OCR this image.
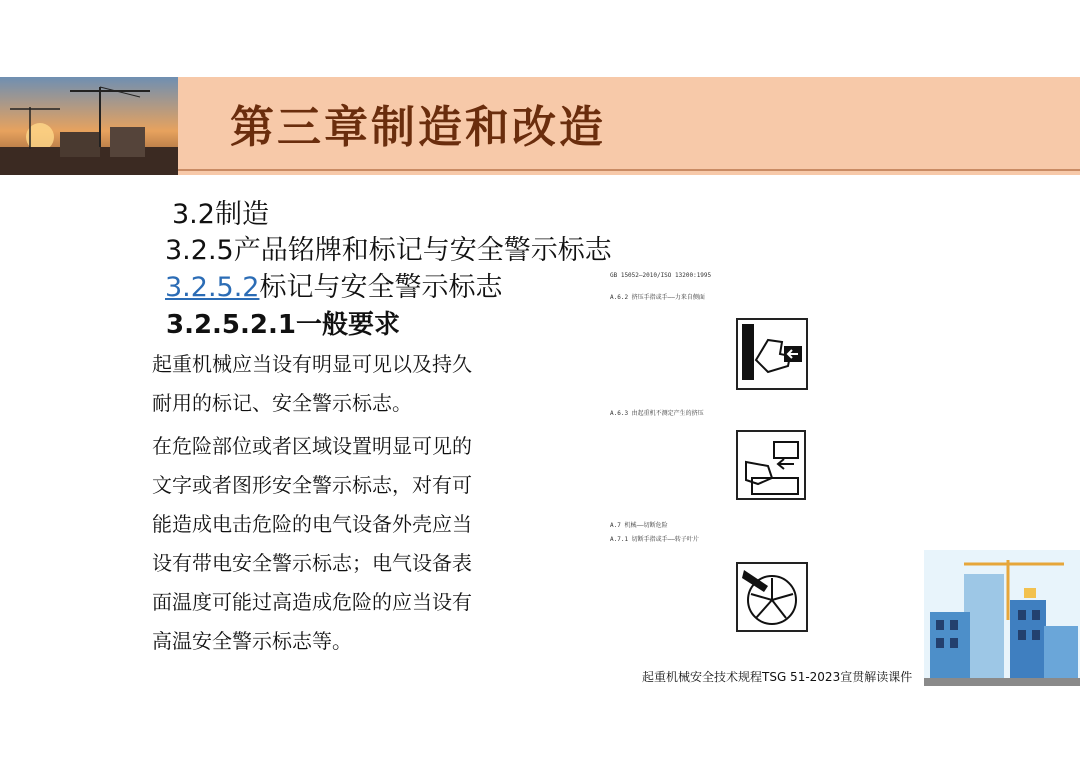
第三章制造和改造
3.2制造
3.2.5产品铭牌和标记与安全警示标志
3.2.5.2标记与安全警示标志
3.2.5.2.1一般要求
起重机械应当设有明显可见以及持久
耐用的标记、安全警示标志。
在危险部位或者区域设置明显可见的
文字或者图形安全警示标志，对有可
能造成电击危险的电气设备外壳应当
设有带电安全警示标志；电气设备表
面温度可能过高造成危险的应当设有
高温安全警示标志等。
GB 15052—2010/ISO 13200:1995
A.6.2 挤压手指或手——力来自侧面
A.6.3 由起重机不测定产生的挤压
A.7 机械——切断危险
A.7.1 切断手指或手——转子叶片
起重机械安全技术规程TSG 51-2023宣贯解读课件
